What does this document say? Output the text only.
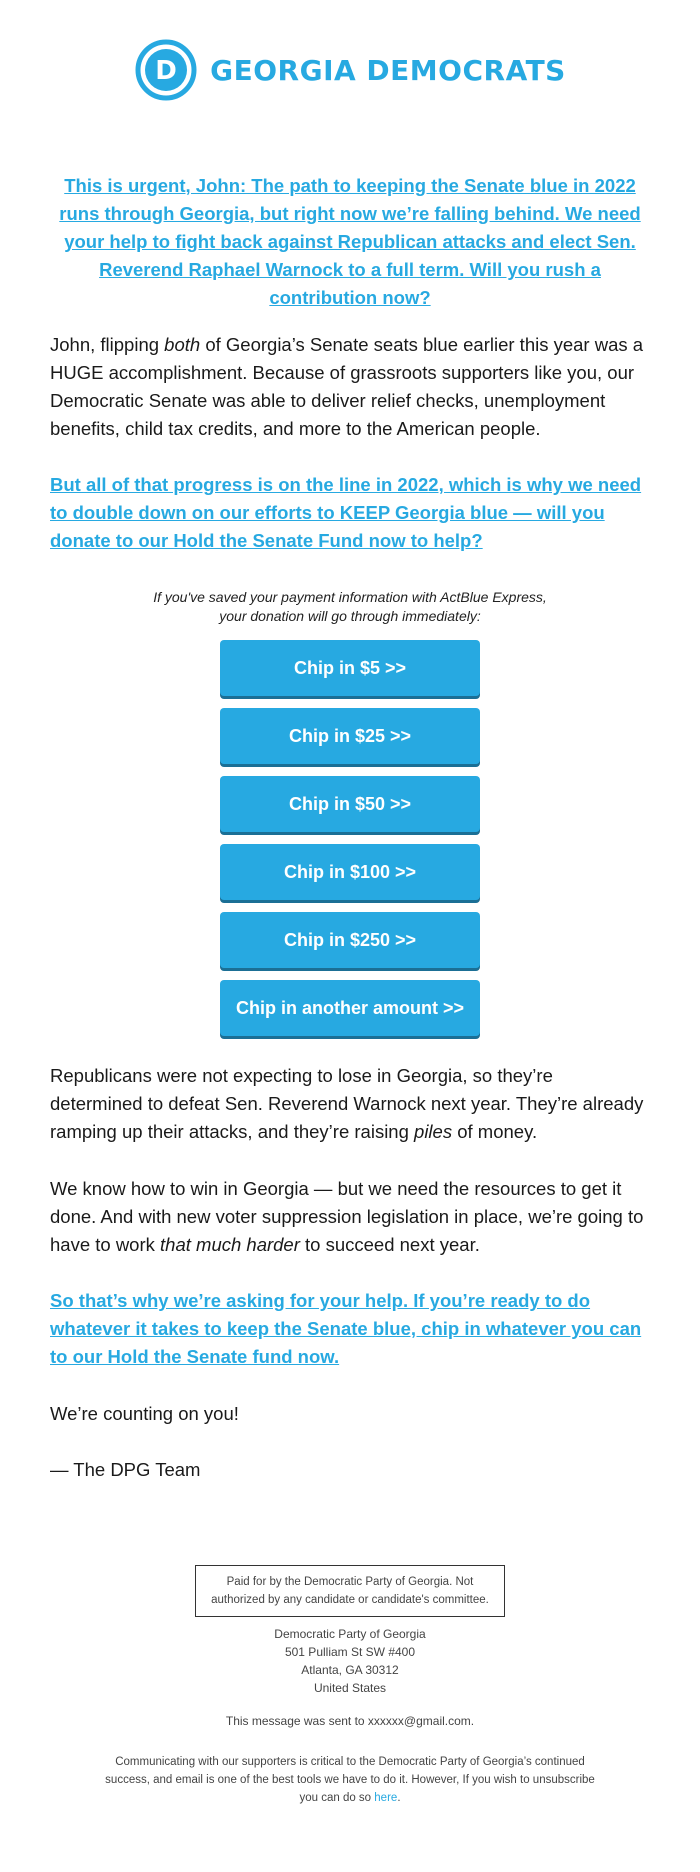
D GEORGIA DEMOCRATS
This is urgent, John: The path to keeping the Senate blue in 2022 runs through Georgia, but right now we’re falling behind. We need your help to fight back against Republican attacks and elect Sen. Reverend Raphael Warnock to a full term. Will you rush a contribution now?
John, flipping both of Georgia’s Senate seats blue earlier this year was a HUGE accomplishment. Because of grassroots supporters like you, our Democratic Senate was able to deliver relief checks, unemployment benefits, child tax credits, and more to the American people.
But all of that progress is on the line in 2022, which is why we need to double down on our efforts to KEEP Georgia blue — will you donate to our Hold the Senate Fund now to help?
If you've saved your payment information with ActBlue Express,
your donation will go through immediately:
Chip in $5 >>
Chip in $25 >>
Chip in $50 >>
Chip in $100 >>
Chip in $250 >>
Chip in another amount >>
Republicans were not expecting to lose in Georgia, so they’re determined to defeat Sen. Reverend Warnock next year. They’re already ramping up their attacks, and they’re raising piles of money.
We know how to win in Georgia — but we need the resources to get it done. And with new voter suppression legislation in place, we’re going to have to work that much harder to succeed next year.
So that’s why we’re asking for your help. If you’re ready to do whatever it takes to keep the Senate blue, chip in whatever you can to our Hold the Senate fund now.
We’re counting on you!
— The DPG Team
Paid for by the Democratic Party of Georgia. Not
authorized by any candidate or candidate's committee.
Democratic Party of Georgia
501 Pulliam St SW #400
Atlanta, GA 30312
United States
This message was sent to xxxxxx@gmail.com.
Communicating with our supporters is critical to the Democratic Party of Georgia’s continued success, and email is one of the best tools we have to do it. However, If you wish to unsubscribe you can do so here.
